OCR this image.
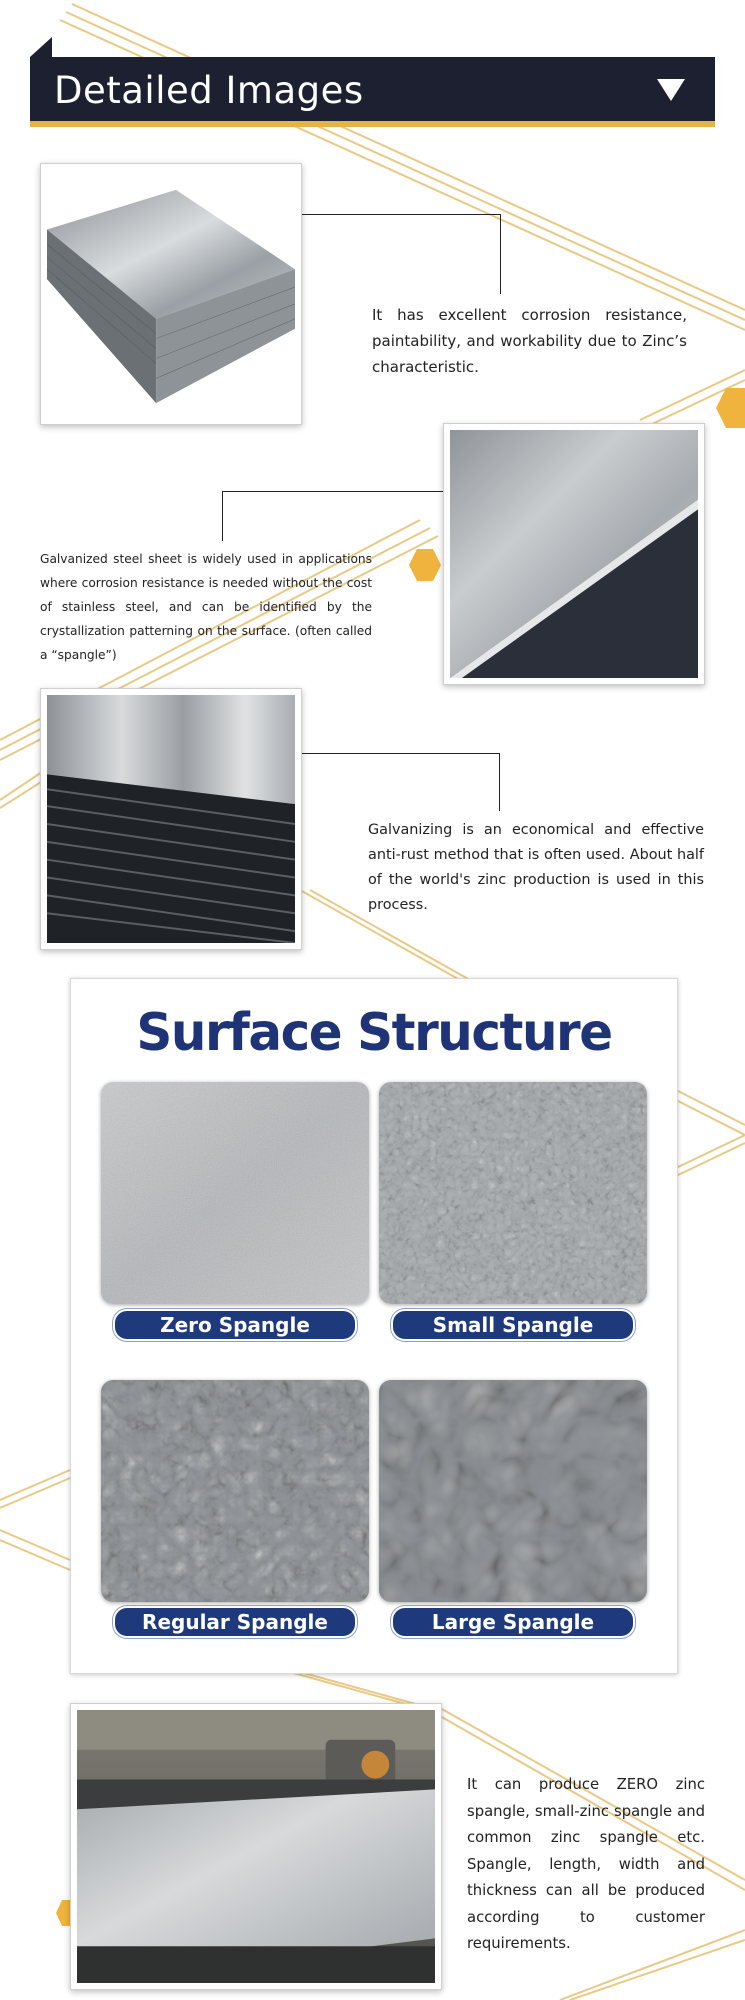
Detailed Images
It has excellent corrosion resistance, paintability, and workability due to Zinc’s characteristic.
Galvanized steel sheet is widely used in applications where corrosion resistance is needed without the cost of stainless steel, and can be identified by the crystallization patterning on the surface. (often called a “spangle”)
Galvanizing is an economical and effective anti-rust method that is often used. About half of the world's zinc production is used in this process.
Surface Structure
Zero Spangle	Small Spangle
Regular Spangle	Large Spangle
It can produce ZERO zinc spangle, small-zinc spangle and common zinc spangle etc. Spangle, length, width and thickness can all be produced according to customer requirements.
